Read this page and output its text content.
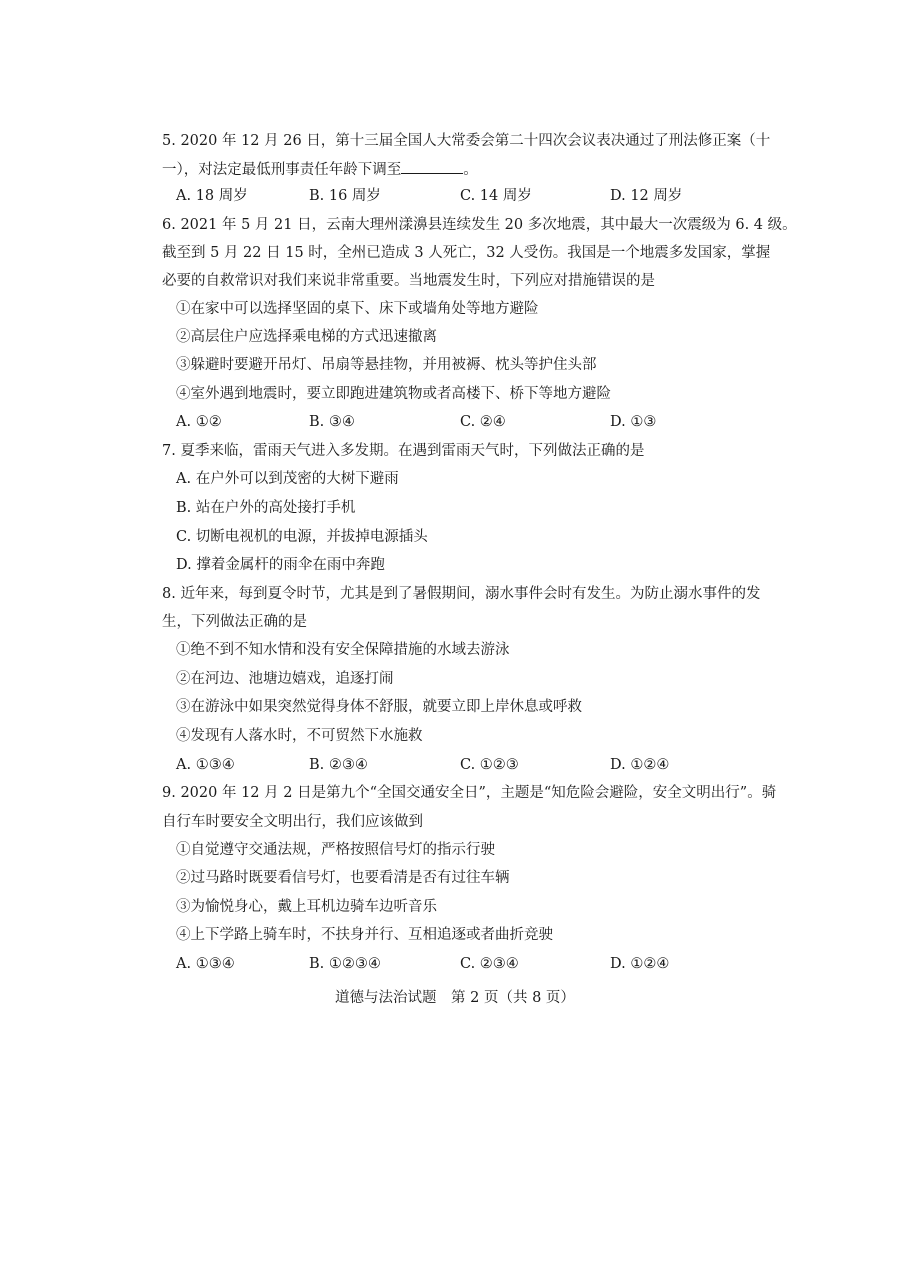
5. 2020 年 12 月 26 日，第十三届全国人大常委会第二十四次会议表决通过了刑法修正案（十
一），对法定最低刑事责任年龄下调至	。
A. 18 周岁	B. 16 周岁	C. 14 周岁	D. 12 周岁
6. 2021 年 5 月 21 日，云南大理州漾濞县连续发生 20 多次地震，其中最大一次震级为 6. 4 级。
截至到 5 月 22 日 15 时，全州已造成 3 人死亡，32 人受伤。我国是一个地震多发国家，掌握
必要的自救常识对我们来说非常重要。当地震发生时，下列应对措施错误的是
①在家中可以选择坚固的桌下、床下或墙角处等地方避险
②高层住户应选择乘电梯的方式迅速撤离
③躲避时要避开吊灯、吊扇等悬挂物，并用被褥、枕头等护住头部
④室外遇到地震时，要立即跑进建筑物或者高楼下、桥下等地方避险
A. ①②	B. ③④	C. ②④	D. ①③
7. 夏季来临，雷雨天气进入多发期。在遇到雷雨天气时，下列做法正确的是
A. 在户外可以到茂密的大树下避雨
B. 站在户外的高处接打手机
C. 切断电视机的电源，并拔掉电源插头
D. 撑着金属杆的雨伞在雨中奔跑
8. 近年来，每到夏令时节，尤其是到了暑假期间，溺水事件会时有发生。为防止溺水事件的发
生，下列做法正确的是
①绝不到不知水情和没有安全保障措施的水域去游泳
②在河边、池塘边嬉戏，追逐打闹
③在游泳中如果突然觉得身体不舒服，就要立即上岸休息或呼救
④发现有人落水时，不可贸然下水施救
A. ①③④	B. ②③④	C. ①②③	D. ①②④
9. 2020 年 12 月 2 日是第九个“全国交通安全日”，主题是“知危险会避险，安全文明出行”。骑
自行车时要安全文明出行，我们应该做到
①自觉遵守交通法规，严格按照信号灯的指示行驶
②过马路时既要看信号灯，也要看清是否有过往车辆
③为愉悦身心，戴上耳机边骑车边听音乐
④上下学路上骑车时，不扶身并行、互相追逐或者曲折竞驶
A. ①③④	B. ①②③④	C. ②③④	D. ①②④
道德与法治试题　第 2 页（共 8 页）
